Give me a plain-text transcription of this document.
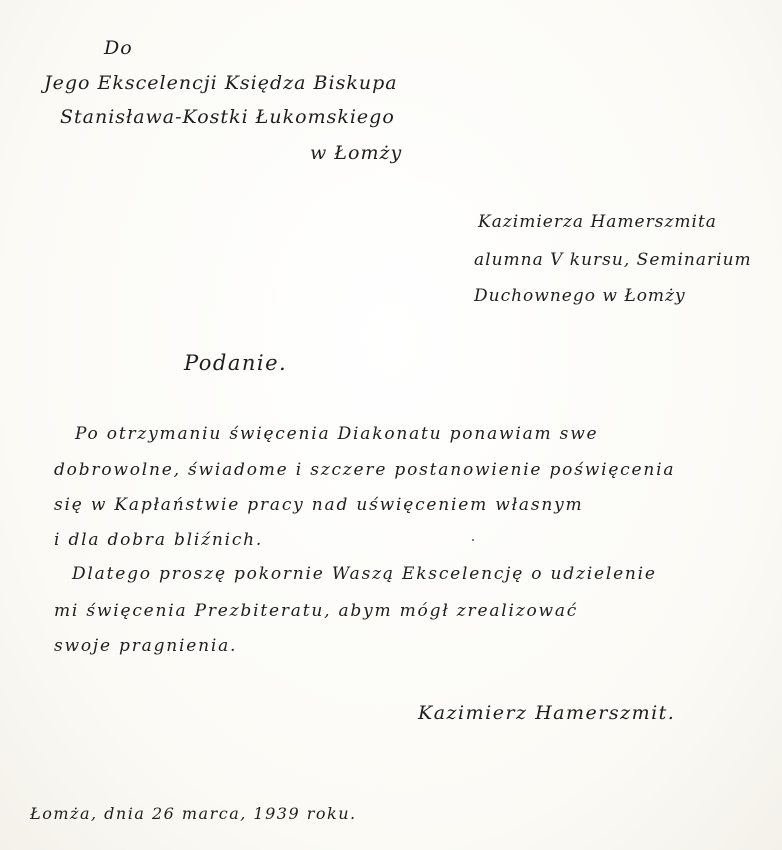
Do
Jego Ekscelencji Księdza Biskupa
Stanisława-Kostki Łukomskiego
w Łomży
Kazimierza Hamerszmita
alumna V kursu, Seminarium
Duchownego w Łomży
Podanie.
Po otrzymaniu święcenia Diakonatu ponawiam swe
dobrowolne, świadome i szczere postanowienie poświęcenia
się w Kapłaństwie pracy nad uświęceniem własnym
i dla dobra bliźnich.
Dlatego proszę pokornie Waszą Ekscelencję o udzielenie
mi święcenia Prezbiteratu, abym mógł zrealizować
swoje pragnienia.
Kazimierz Hamerszmit.
Łomża, dnia 26 marca, 1939 roku.
